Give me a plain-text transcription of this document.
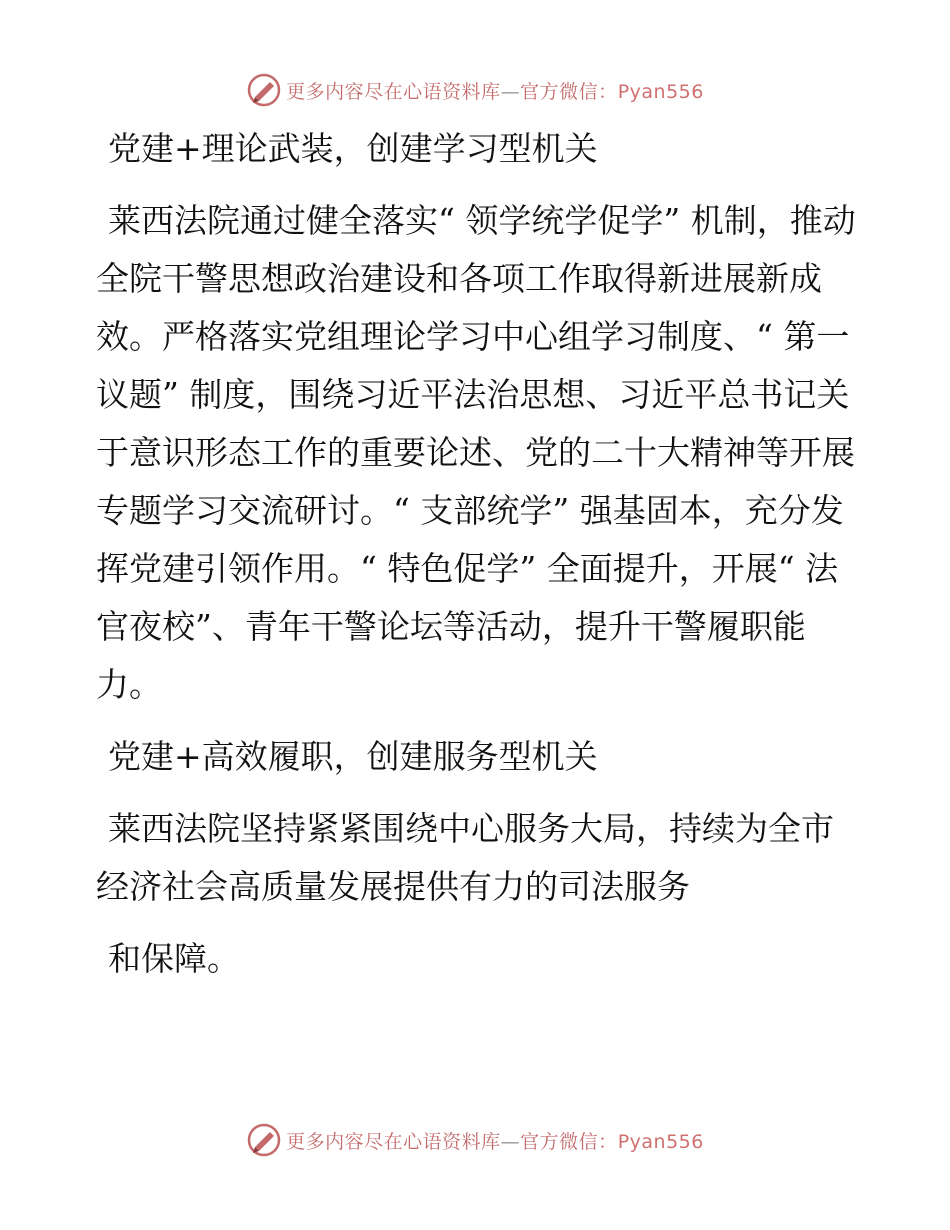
更多内容尽在心语资料库—官方微信：Pyan556
党建+理论武装，创建学习型机关
莱西法院通过健全落实“ 领学统学促学” 机制，推动全院干警思想政治建设和各项工作取得新进展新成效。严格落实党组理论学习中心组学习制度、“ 第一议题” 制度，围绕习近平法治思想、习近平总书记关于意识形态工作的重要论述、党的二十大精神等开展专题学习交流研讨。“ 支部统学” 强基固本，充分发挥党建引领作用。“ 特色促学” 全面提升，开展“ 法官夜校”、青年干警论坛等活动，提升干警履职能力。
党建+高效履职，创建服务型机关
莱西法院坚持紧紧围绕中心服务大局，持续为全市经济社会高质量发展提供有力的司法服务
和保障。
更多内容尽在心语资料库—官方微信：Pyan556
